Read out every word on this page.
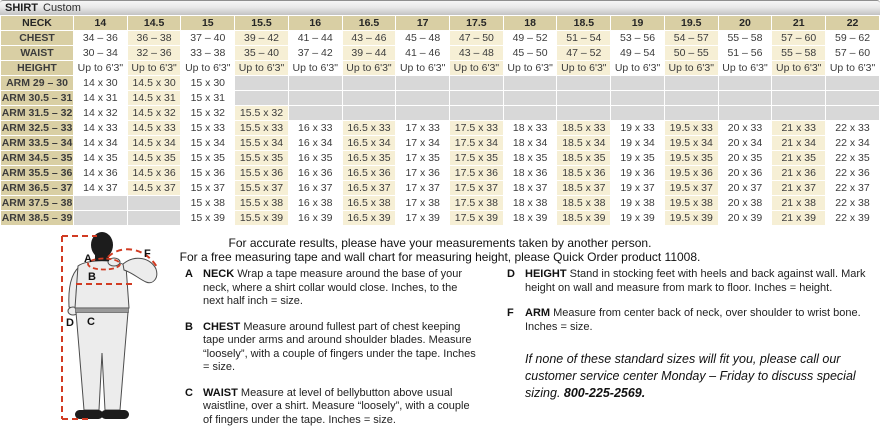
SHIRT Custom
NECK	14	14.5	15	15.5	16	16.5	17	17.5	18	18.5	19	19.5	20	21	22
CHEST	34 – 36	36 – 38	37 – 40	39 – 42	41 – 44	43 – 46	45 – 48	47 – 50	49 – 52	51 – 54	53 – 56	54 – 57	55 – 58	57 – 60	59 – 62
WAIST	30 – 34	32 – 36	33 – 38	35 – 40	37 – 42	39 – 44	41 – 46	43 – 48	45 – 50	47 – 52	49 – 54	50 – 55	51 – 56	55 – 58	57 – 60
HEIGHT	Up to 6'3"	Up to 6'3"	Up to 6'3"	Up to 6'3"	Up to 6'3"	Up to 6'3"	Up to 6'3"	Up to 6'3"	Up to 6'3"	Up to 6'3"	Up to 6'3"	Up to 6'3"	Up to 6'3"	Up to 6'3"	Up to 6'3"
ARM 29 – 30	14 x 30	14.5 x 30	15 x 30												
ARM 30.5 – 31	14 x 31	14.5 x 31	15 x 31												
ARM 31.5 – 32	14 x 32	14.5 x 32	15 x 32	15.5 x 32											
ARM 32.5 – 33	14 x 33	14.5 x 33	15 x 33	15.5 x 33	16 x 33	16.5 x 33	17 x 33	17.5 x 33	18 x 33	18.5 x 33	19 x 33	19.5 x 33	20 x 33	21 x 33	22 x 33
ARM 33.5 – 34	14 x 34	14.5 x 34	15 x 34	15.5 x 34	16 x 34	16.5 x 34	17 x 34	17.5 x 34	18 x 34	18.5 x 34	19 x 34	19.5 x 34	20 x 34	21 x 34	22 x 34
ARM 34.5 – 35	14 x 35	14.5 x 35	15 x 35	15.5 x 35	16 x 35	16.5 x 35	17 x 35	17.5 x 35	18 x 35	18.5 x 35	19 x 35	19.5 x 35	20 x 35	21 x 35	22 x 35
ARM 35.5 – 36	14 x 36	14.5 x 36	15 x 36	15.5 x 36	16 x 36	16.5 x 36	17 x 36	17.5 x 36	18 x 36	18.5 x 36	19 x 36	19.5 x 36	20 x 36	21 x 36	22 x 36
ARM 36.5 – 37	14 x 37	14.5 x 37	15 x 37	15.5 x 37	16 x 37	16.5 x 37	17 x 37	17.5 x 37	18 x 37	18.5 x 37	19 x 37	19.5 x 37	20 x 37	21 x 37	22 x 37
ARM 37.5 – 38			15 x 38	15.5 x 38	16 x 38	16.5 x 38	17 x 38	17.5 x 38	18 x 38	18.5 x 38	19 x 38	19.5 x 38	20 x 38	21 x 38	22 x 38
ARM 38.5 – 39			15 x 39	15.5 x 39	16 x 39	16.5 x 39	17 x 39	17.5 x 39	18 x 39	18.5 x 39	19 x 39	19.5 x 39	20 x 39	21 x 39	22 x 39
A
B
C
D
F
For accurate results, please have your measurements taken by another person.
For a free measuring tape and wall chart for measuring height, please Quick Order product 11008.
A NECK Wrap a tape measure around the base of your neck, where a shirt collar would close. Inches, to the next half inch = size.
B CHEST Measure around fullest part of chest keeping tape under arms and around shoulder blades. Measure “loosely”, with a couple of fingers under the tape. Inches = size.
C WAIST Measure at level of bellybutton above usual waistline, over a shirt. Measure “loosely”, with a couple of fingers under the tape. Inches = size.
D HEIGHT Stand in stocking feet with heels and back against wall. Mark height on wall and measure from mark to floor. Inches = height.
F	ARM Measure from center back of neck, over shoulder to wrist bone. Inches = size.

If none of these standard sizes will fit you, please call our customer service center Monday – Friday to discuss special sizing. 800-225-2569.
